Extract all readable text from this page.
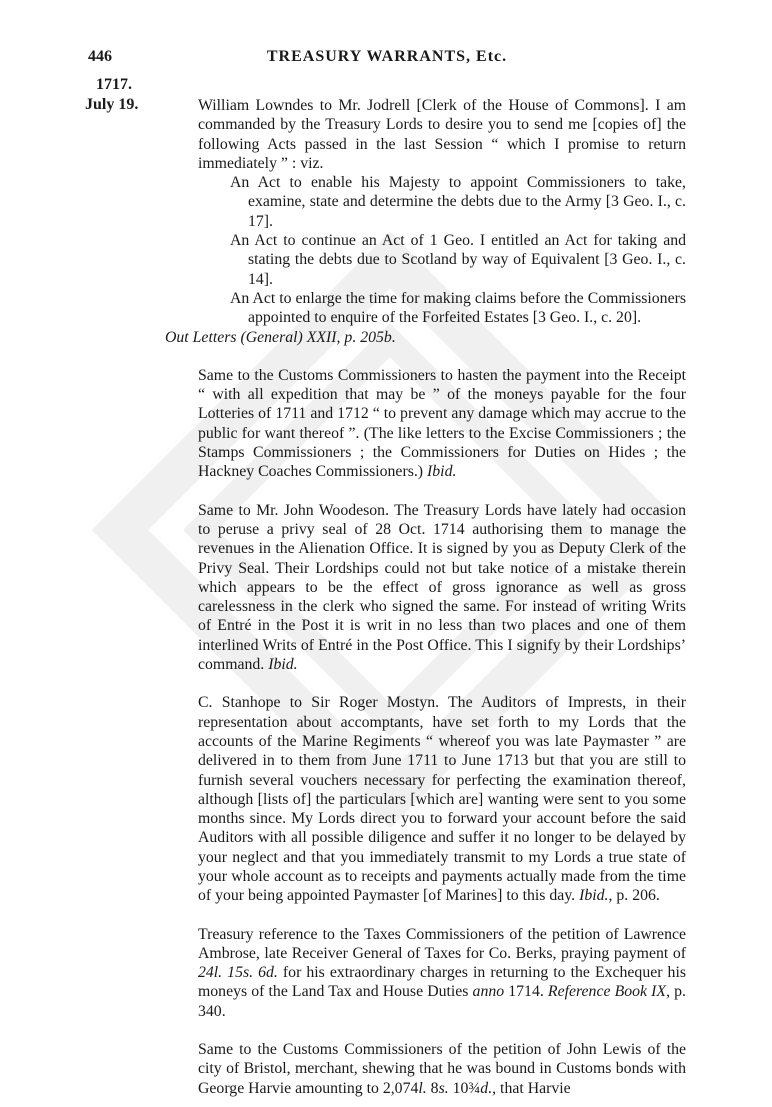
446	TREASURY WARRANTS, Etc.
1717.
July 19.	William Lowndes to Mr. Jodrell [Clerk of the House of Commons]. I am commanded by the Treasury Lords to desire you to send me [copies of] the following Acts passed in the last Session “ which I promise to return immediately ” : viz.

An Act to enable his Majesty to appoint Commissioners to take, examine, state and determine the debts due to the Army [3 Geo. I., c. 17].

An Act to continue an Act of 1 Geo. I entitled an Act for taking and stating the debts due to Scotland by way of Equivalent [3 Geo. I., c. 14].

An Act to enlarge the time for making claims before the Commissioners appointed to enquire of the Forfeited Estates [3 Geo. I., c. 20].

Out Letters (General) XXII, p. 205b.

Same to the Customs Commissioners to hasten the payment into the Receipt “ with all expedition that may be ” of the moneys payable for the four Lotteries of 1711 and 1712 “ to prevent any damage which may accrue to the public for want thereof ”. (The like letters to the Excise Commissioners ; the Stamps Commissioners ; the Commissioners for Duties on Hides ; the Hackney Coaches Commissioners.) Ibid.

Same to Mr. John Woodeson. The Treasury Lords have lately had occasion to peruse a privy seal of 28 Oct. 1714 authorising them to manage the revenues in the Alienation Office. It is signed by you as Deputy Clerk of the Privy Seal. Their Lordships could not but take notice of a mistake therein which appears to be the effect of gross ignorance as well as gross carelessness in the clerk who signed the same. For instead of writing Writs of Entré in the Post it is writ in no less than two places and one of them interlined Writs of Entré in the Post Office. This I signify by their Lordships’ command. Ibid.

C. Stanhope to Sir Roger Mostyn. The Auditors of Imprests, in their representation about accomptants, have set forth to my Lords that the accounts of the Marine Regiments “ whereof you was late Paymaster ” are delivered in to them from June 1711 to June 1713 but that you are still to furnish several vouchers necessary for perfecting the examination thereof, although [lists of] the particulars [which are] wanting were sent to you some months since. My Lords direct you to forward your account before the said Auditors with all possible diligence and suffer it no longer to be delayed by your neglect and that you immediately transmit to my Lords a true state of your whole account as to receipts and payments actually made from the time of your being appointed Paymaster [of Marines] to this day. Ibid., p. 206.

Treasury reference to the Taxes Commissioners of the petition of Lawrence Ambrose, late Receiver General of Taxes for Co. Berks, praying payment of 24l. 15s. 6d. for his extraordinary charges in returning to the Exchequer his moneys of the Land Tax and House Duties anno 1714. Reference Book IX, p. 340.

Same to the Customs Commissioners of the petition of John Lewis of the city of Bristol, merchant, shewing that he was bound in Customs bonds with George Harvie amounting to 2,074l. 8s. 10¾d., that Harvie
